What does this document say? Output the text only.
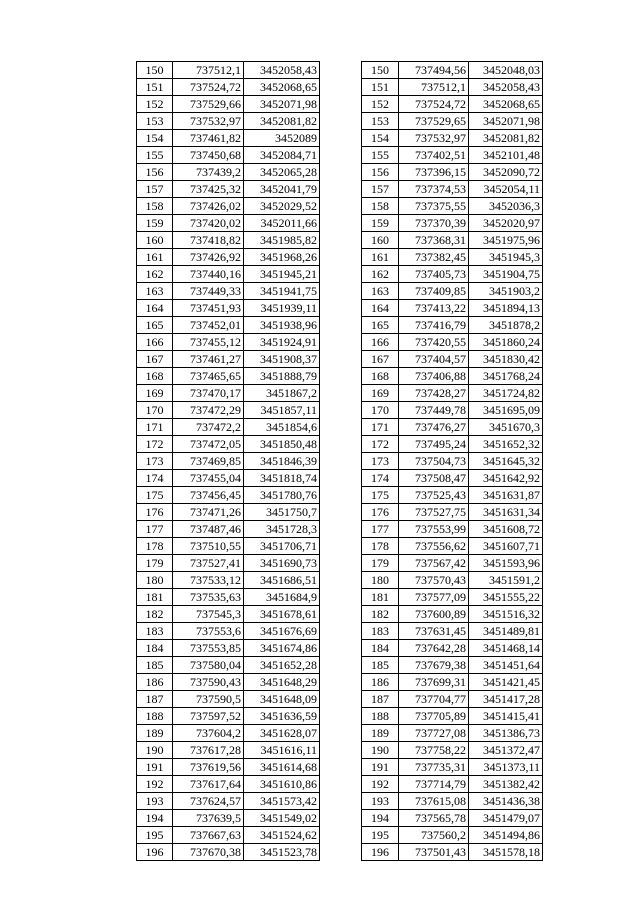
150	737512,1	3452058,43
151	737524,72	3452068,65
152	737529,66	3452071,98
153	737532,97	3452081,82
154	737461,82	3452089
155	737450,68	3452084,71
156	737439,2	3452065,28
157	737425,32	3452041,79
158	737426,02	3452029,52
159	737420,02	3452011,66
160	737418,82	3451985,82
161	737426,92	3451968,26
162	737440,16	3451945,21
163	737449,33	3451941,75
164	737451,93	3451939,11
165	737452,01	3451938,96
166	737455,12	3451924,91
167	737461,27	3451908,37
168	737465,65	3451888,79
169	737470,17	3451867,2
170	737472,29	3451857,11
171	737472,2	3451854,6
172	737472,05	3451850,48
173	737469,85	3451846,39
174	737455,04	3451818,74
175	737456,45	3451780,76
176	737471,26	3451750,7
177	737487,46	3451728,3
178	737510,55	3451706,71
179	737527,41	3451690,73
180	737533,12	3451686,51
181	737535,63	3451684,9
182	737545,3	3451678,61
183	737553,6	3451676,69
184	737553,85	3451674,86
185	737580,04	3451652,28
186	737590,43	3451648,29
187	737590,5	3451648,09
188	737597,52	3451636,59
189	737604,2	3451628,07
190	737617,28	3451616,11
191	737619,56	3451614,68
192	737617,64	3451610,86
193	737624,57	3451573,42
194	737639,5	3451549,02
195	737667,63	3451524,62
196	737670,38	3451523,78
150	737494,56	3452048,03
151	737512,1	3452058,43
152	737524,72	3452068,65
153	737529,65	3452071,98
154	737532,97	3452081,82
155	737402,51	3452101,48
156	737396,15	3452090,72
157	737374,53	3452054,11
158	737375,55	3452036,3
159	737370,39	3452020,97
160	737368,31	3451975,96
161	737382,45	3451945,3
162	737405,73	3451904,75
163	737409,85	3451903,2
164	737413,22	3451894,13
165	737416,79	3451878,2
166	737420,55	3451860,24
167	737404,57	3451830,42
168	737406,88	3451768,24
169	737428,27	3451724,82
170	737449,78	3451695,09
171	737476,27	3451670,3
172	737495,24	3451652,32
173	737504,73	3451645,32
174	737508,47	3451642,92
175	737525,43	3451631,87
176	737527,75	3451631,34
177	737553,99	3451608,72
178	737556,62	3451607,71
179	737567,42	3451593,96
180	737570,43	3451591,2
181	737577,09	3451555,22
182	737600,89	3451516,32
183	737631,45	3451489,81
184	737642,28	3451468,14
185	737679,38	3451451,64
186	737699,31	3451421,45
187	737704,77	3451417,28
188	737705,89	3451415,41
189	737727,08	3451386,73
190	737758,22	3451372,47
191	737735,31	3451373,11
192	737714,79	3451382,42
193	737615,08	3451436,38
194	737565,78	3451479,07
195	737560,2	3451494,86
196	737501,43	3451578,18
